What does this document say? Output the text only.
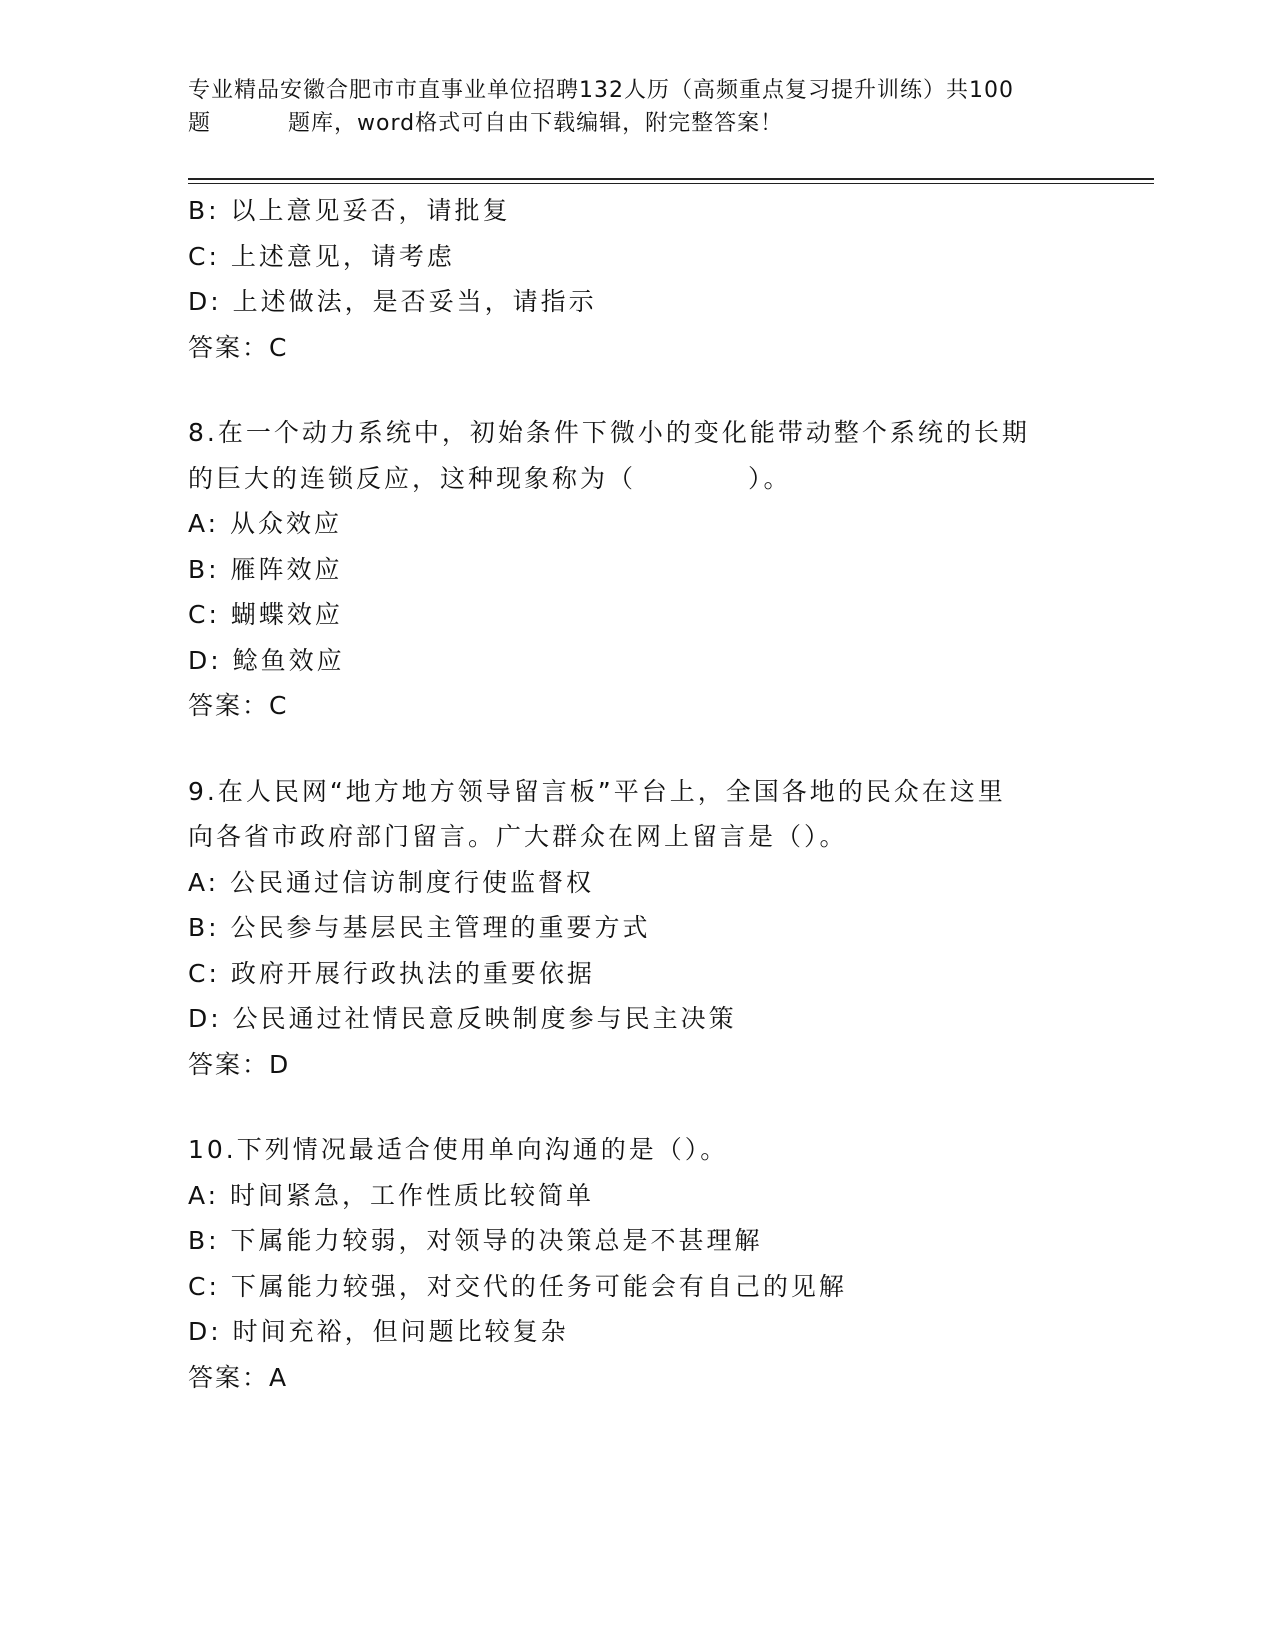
专业精品安徽合肥市市直事业单位招聘132人历（高频重点复习提升训练）共100
题	题库，word格式可自由下载编辑，附完整答案！
B: 以上意见妥否，请批复
C: 上述意见，请考虑
D: 上述做法，是否妥当，请指示
答案：C
8.在一个动力系统中，初始条件下微小的变化能带动整个系统的长期
的巨大的连锁反应，这种现象称为（　　　　）。
A: 从众效应
B: 雁阵效应
C: 蝴蝶效应
D: 鲶鱼效应
答案：C
9.在人民网“地方地方领导留言板”平台上，全国各地的民众在这里
向各省市政府部门留言。广大群众在网上留言是（）。
A: 公民通过信访制度行使监督权
B: 公民参与基层民主管理的重要方式
C: 政府开展行政执法的重要依据
D: 公民通过社情民意反映制度参与民主决策
答案：D
10.下列情况最适合使用单向沟通的是（）。
A: 时间紧急，工作性质比较简单
B: 下属能力较弱，对领导的决策总是不甚理解
C: 下属能力较强，对交代的任务可能会有自己的见解
D: 时间充裕，但问题比较复杂
答案：A
